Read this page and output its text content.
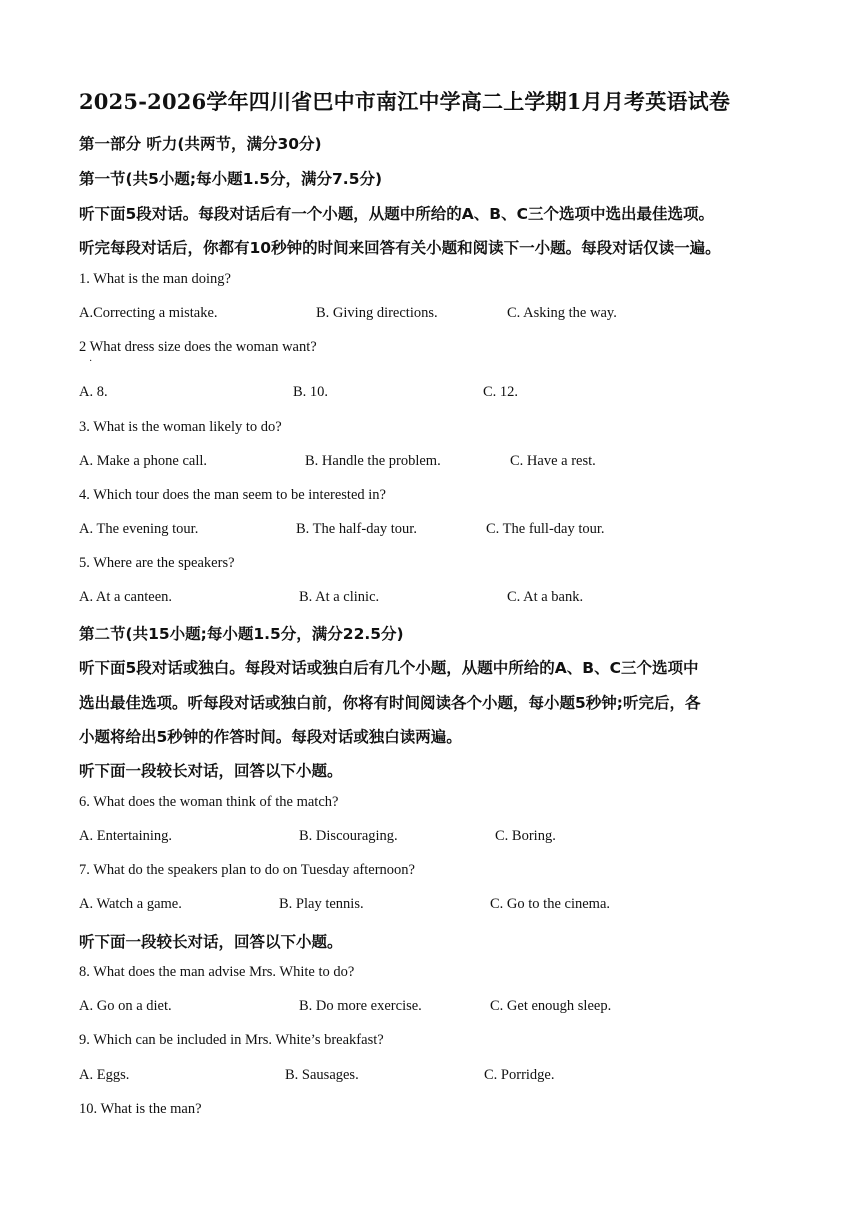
2025-2026学年四川省巴中市南江中学高二上学期1月月考英语试卷
第一部分 听力(共两节，满分30分)
第一节(共5小题;每小题1.5分，满分7.5分)
听下面5段对话。每段对话后有一个小题，从题中所给的A、B、C三个选项中选出最佳选项。
听完每段对话后，你都有10秒钟的时间来回答有关小题和阅读下一小题。每段对话仅读一遍。
1. What is the man doing?
A.Correcting a mistake.	B. Giving directions.	C. Asking the way.
2 What dress size does the woman want?
·
A. 8.	B. 10.	C. 12.
3. What is the woman likely to do?
A. Make a phone call.	B. Handle the problem.	C. Have a rest.
4. Which tour does the man seem to be interested in?
A. The evening tour.	B. The half-day tour.	C. The full-day tour.
5. Where are the speakers?
A. At a canteen.	B. At a clinic.	C. At a bank.
第二节(共15小题;每小题1.5分，满分22.5分)
听下面5段对话或独白。每段对话或独白后有几个小题，从题中所给的A、B、C三个选项中
选出最佳选项。听每段对话或独白前，你将有时间阅读各个小题，每小题5秒钟;听完后，各
小题将给出5秒钟的作答时间。每段对话或独白读两遍。
听下面一段较长对话，回答以下小题。
6. What does the woman think of the match?
A. Entertaining.	B. Discouraging.	C. Boring.
7. What do the speakers plan to do on Tuesday afternoon?
A. Watch a game.	B. Play tennis.	C. Go to the cinema.
听下面一段较长对话，回答以下小题。
8. What does the man advise Mrs. White to do?
A. Go on a diet.	B. Do more exercise.	C. Get enough sleep.
9. Which can be included in Mrs. White’s breakfast?
A. Eggs.	B. Sausages.	C. Porridge.
10. What is the man?
